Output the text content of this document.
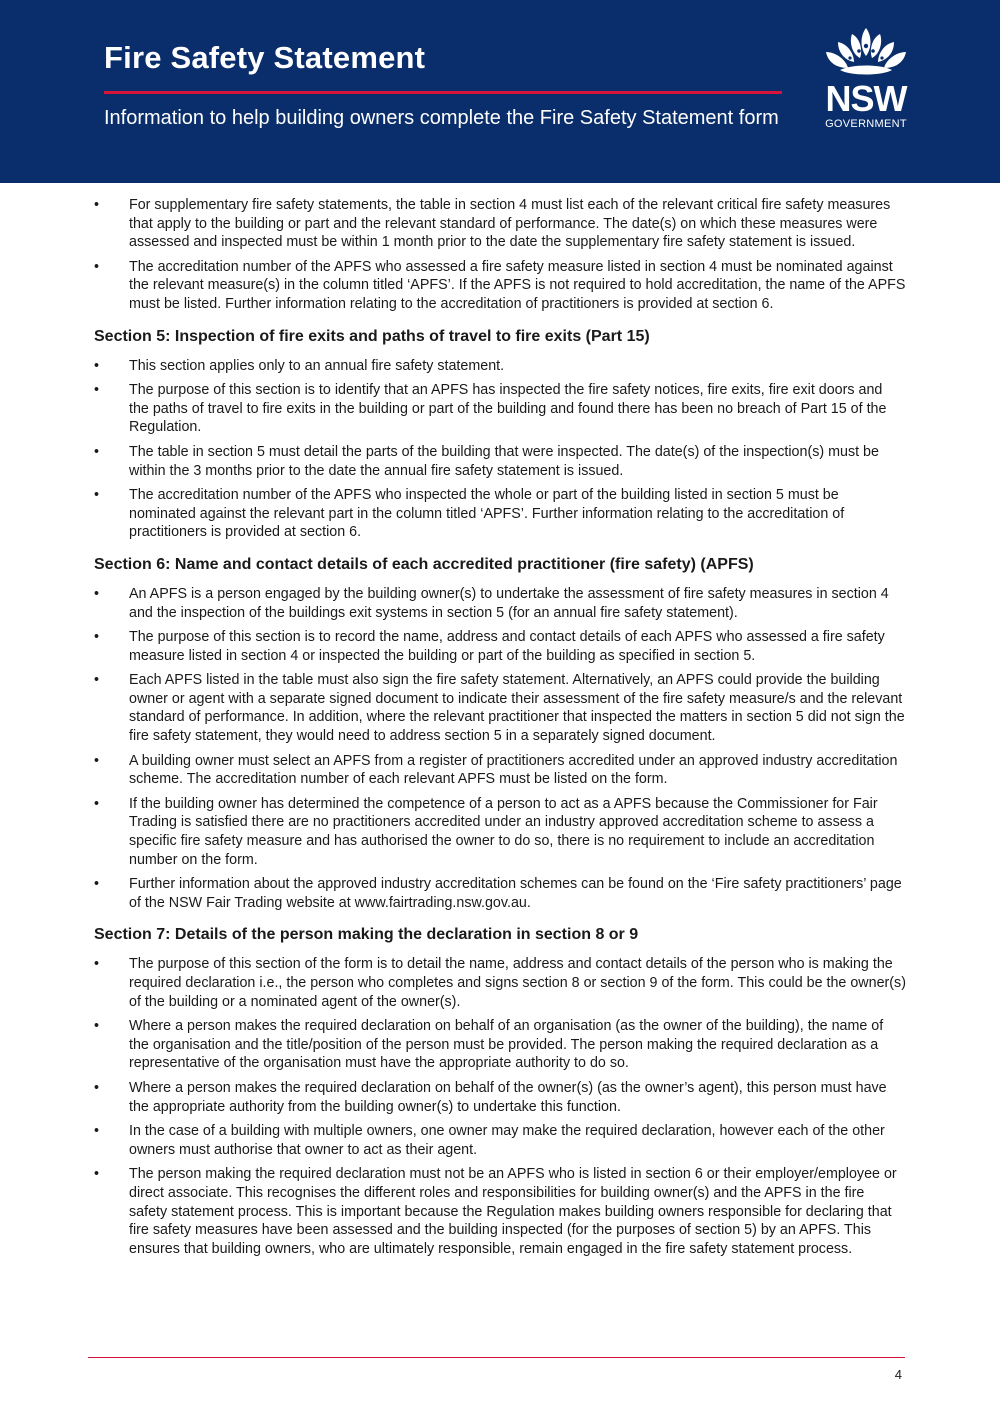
Fire Safety Statement
Information to help building owners complete the Fire Safety Statement form NSW
GOVERNMENT
• For supplementary fire safety statements, the table in section 4 must list each of the relevant critical fire safety measures that apply to the building or part and the relevant standard of performance. The date(s) on which these measures were assessed and inspected must be within 1 month prior to the date the supplementary fire safety statement is issued.
• The accreditation number of the APFS who assessed a fire safety measure listed in section 4 must be nominated against the relevant measure(s) in the column titled ‘APFS’. If the APFS is not required to hold accreditation, the name of the APFS must be listed. Further information relating to the accreditation of practitioners is provided at section 6.
Section 5: Inspection of fire exits and paths of travel to fire exits (Part 15)
• This section applies only to an annual fire safety statement.
• The purpose of this section is to identify that an APFS has inspected the fire safety notices, fire exits, fire exit doors and the paths of travel to fire exits in the building or part of the building and found there has been no breach of Part 15 of the Regulation.
• The table in section 5 must detail the parts of the building that were inspected. The date(s) of the inspection(s) must be within the 3 months prior to the date the annual fire safety statement is issued.
• The accreditation number of the APFS who inspected the whole or part of the building listed in section 5 must be nominated against the relevant part in the column titled ‘APFS’. Further information relating to the accreditation of practitioners is provided at section 6.
Section 6: Name and contact details of each accredited practitioner (fire safety) (APFS)
• An APFS is a person engaged by the building owner(s) to undertake the assessment of fire safety measures in section 4 and the inspection of the buildings exit systems in section 5 (for an annual fire safety statement).
• The purpose of this section is to record the name, address and contact details of each APFS who assessed a fire safety measure listed in section 4 or inspected the building or part of the building as specified in section 5.
• Each APFS listed in the table must also sign the fire safety statement. Alternatively, an APFS could provide the building owner or agent with a separate signed document to indicate their assessment of the fire safety measure/s and the relevant standard of performance. In addition, where the relevant practitioner that inspected the matters in section 5 did not sign the fire safety statement, they would need to address section 5 in a separately signed document.
• A building owner must select an APFS from a register of practitioners accredited under an approved industry accreditation scheme. The accreditation number of each relevant APFS must be listed on the form.
• If the building owner has determined the competence of a person to act as a APFS because the Commissioner for Fair Trading is satisfied there are no practitioners accredited under an industry approved accreditation scheme to assess a specific fire safety measure and has authorised the owner to do so, there is no requirement to include an accreditation number on the form.
• Further information about the approved industry accreditation schemes can be found on the ‘Fire safety practitioners’ page of the NSW Fair Trading website at www.fairtrading.nsw.gov.au.
Section 7: Details of the person making the declaration in section 8 or 9
• The purpose of this section of the form is to detail the name, address and contact details of the person who is making the required declaration i.e., the person who completes and signs section 8 or section 9 of the form. This could be the owner(s) of the building or a nominated agent of the owner(s).
• Where a person makes the required declaration on behalf of an organisation (as the owner of the building), the name of the organisation and the title/position of the person must be provided. The person making the required declaration as a representative of the organisation must have the appropriate authority to do so.
• Where a person makes the required declaration on behalf of the owner(s) (as the owner’s agent), this person must have the appropriate authority from the building owner(s) to undertake this function.
• In the case of a building with multiple owners, one owner may make the required declaration, however each of the other owners must authorise that owner to act as their agent.
• The person making the required declaration must not be an APFS who is listed in section 6 or their employer/employee or direct associate. This recognises the different roles and responsibilities for building owner(s) and the APFS in the fire safety statement process. This is important because the Regulation makes building owners responsible for declaring that fire safety measures have been assessed and the building inspected (for the purposes of section 5) by an APFS. This ensures that building owners, who are ultimately responsible, remain engaged in the fire safety statement process.
4
